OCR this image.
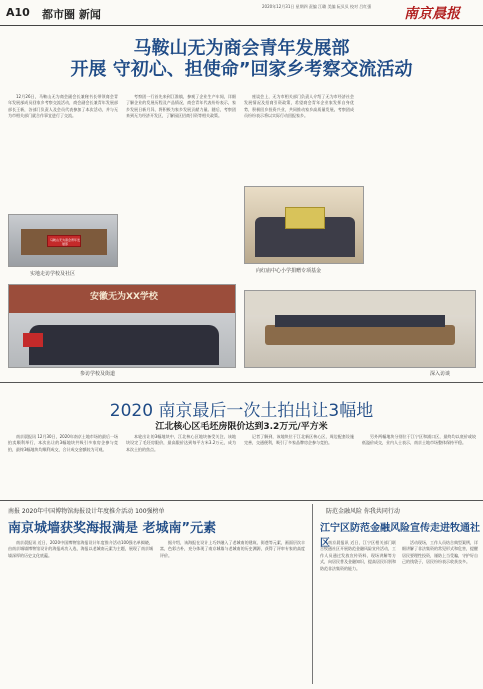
A10 都市圈 新闻
2020年12月31日 星期四 责编 江璐 美编 阮贝贝 校对 吕红强	南京晨报
马鞍山无为商会青年发展部
开展 守初心、担使命”回家乡考察交流活动
12月26日，马鞍山无为商会副会长兼秘书长带领商会青年发展部成员回家乡考察交流活动，商会副会长兼青年发展部部长王新，各部门负责人及会员代表参加了本次活动，并与无为市相关部门就合作事宜进行了交流。
考察团一行首先来到江淮镇，参观了企业生产车间，详细了解企业的发展历程及产品情况，商会青年代表纷纷表示，家乡发展日新月异，将积极为家乡发展贡献力量。随后，考察团来到无为经济开发区，了解园区招商引资等相关政策。
座谈会上，无为市相关部门负责人介绍了无为市经济社会发展情况及招商引资政策，希望商会青年企业家发挥自身优势，积极回乡投资兴业，共同推动家乡高质量发展。考察团成员纷纷表示将以实际行动回报家乡。
马鞍山无为商会青年发展部
实地走访学校及社区	向红庙中心小学捐赠专项基金
安徽无为XX学校
参访学校及街道	深入访谈
2020 南京最后一次土拍出让3幅地
江北核心区毛坯房限价达到3.2万元/平方米
南京晨报讯 12月30日，2020年南京土地市场的最后一场拍卖顺利举行，本次出让的3幅地块共吸引多家房企参与竞拍，最终3幅地块均顺利成交，合计成交金额较为可观。
本轮出让的3幅地块中，江北核心区地块备受关注，该地块设定了毛坯房限价，最高限价达到每平方米3.2万元，成为本次土拍的焦点。
记者了解到，该地块位于江北新区核心区，周边配套设施完善，交通便利，吸引了多家品牌房企参与竞拍。
另外两幅地块分别位于江宁区和浦口区，最终均以底价或较低溢价成交，业内人士表示，南京土地市场整体保持平稳。
南报 2020年中国博物馆海报设计年度推介活动 100强榜单
南京城墙获奖海报满是 老城南”元素
南京晨报讯 近日，2020中国博物馆海报设计年度推介活动100强名单揭晓，由南京城墙博物馆设计的海报成功入选，海报以老城南元素为主题，展现了南京城墙深厚的历史文化底蕴。
据介绍，该海报在设计上巧妙融入了老城南的建筑、街巷等元素，画面层次丰富，色彩古朴，充分体现了南京城墙与老城南的历史渊源，获得了评审专家的高度评价。
防范金融风险 你我共同行动
江宁区防范金融风险宣传走进牧通社区
南京晨报讯 近日，江宁区相关部门联合牧通社区开展防范金融风险宣传活动，工作人员通过发放宣传资料、现场讲解等方式，向居民普及金融知识，提高居民识别和防范非法集资的能力。
活动现场，工作人员结合典型案例，详细讲解了非法集资的常见形式和危害，提醒居民要理性投资，谨防上当受骗，守护好自己的钱袋子，居民纷纷表示收获良多。
